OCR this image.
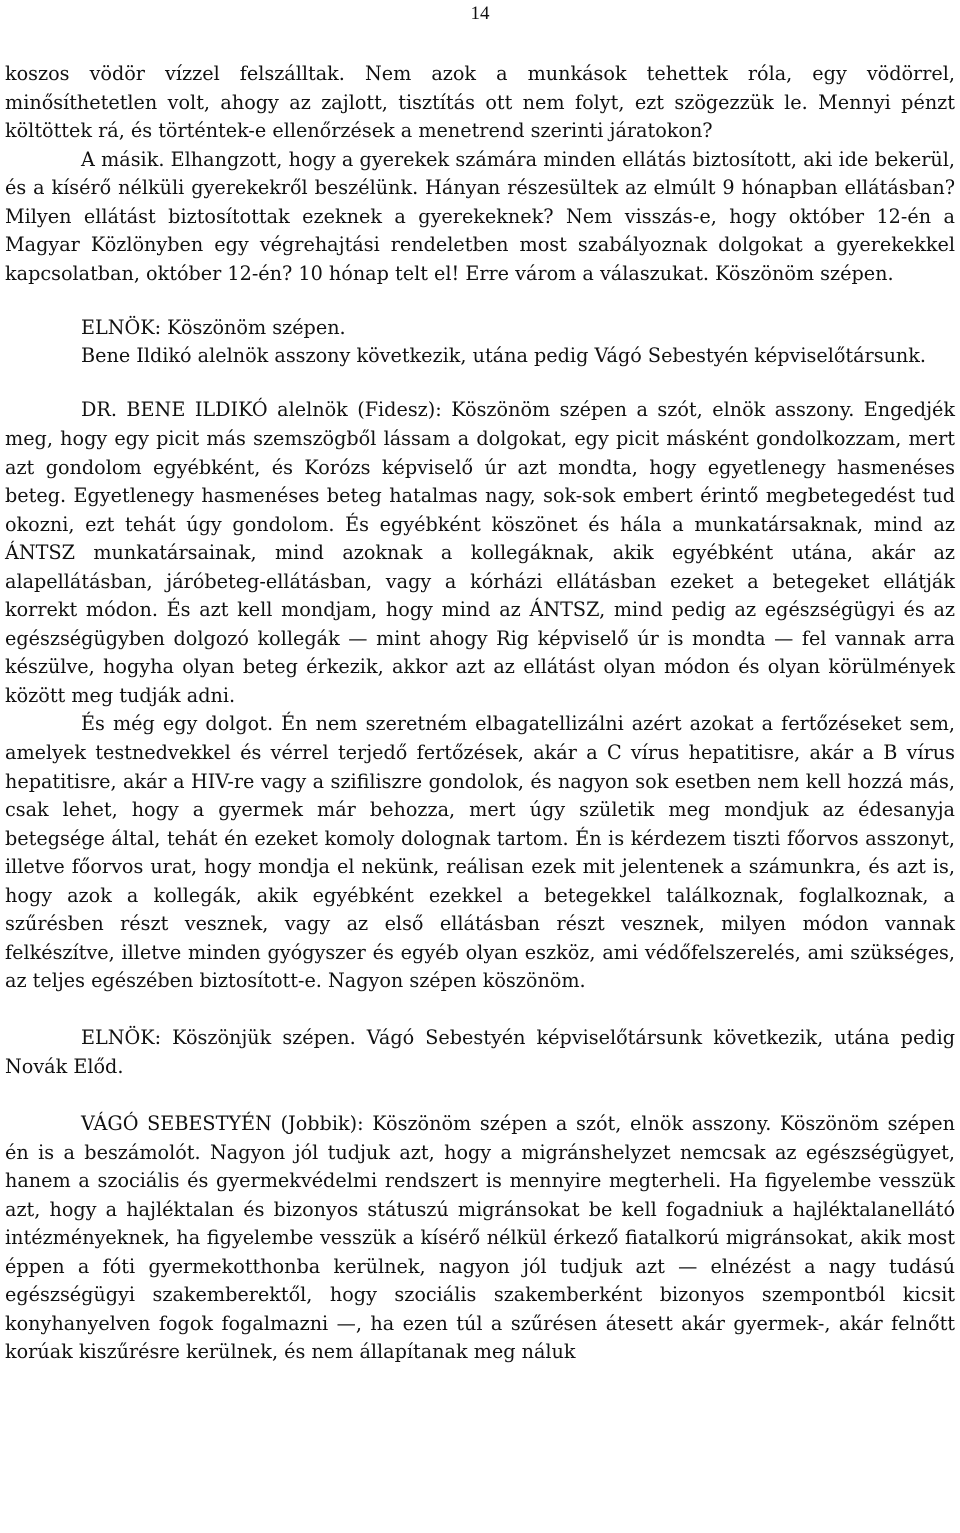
14

koszos vödör vízzel felszálltak. Nem azok a munkások tehettek róla, egy vödörrel, minősíthetetlen volt, ahogy az zajlott, tisztítás ott nem folyt, ezt szögezzük le. Mennyi pénzt költöttek rá, és történtek-e ellenőrzések a menetrend szerinti járatokon?

A másik. Elhangzott, hogy a gyerekek számára minden ellátás biztosított, aki ide bekerül, és a kísérő nélküli gyerekekről beszélünk. Hányan részesültek az elmúlt 9 hónapban ellátásban? Milyen ellátást biztosítottak ezeknek a gyerekeknek? Nem visszás-e, hogy október 12-én a Magyar Közlönyben egy végrehajtási rendeletben most szabályoznak dolgokat a gyerekekkel kapcsolatban, október 12-én? 10 hónap telt el! Erre várom a válaszukat. Köszönöm szépen.

ELNÖK: Köszönöm szépen.

Bene Ildikó alelnök asszony következik, utána pedig Vágó Sebestyén képviselőtársunk.

DR. BENE ILDIKÓ alelnök (Fidesz): Köszönöm szépen a szót, elnök asszony. Engedjék meg, hogy egy picit más szemszögből lássam a dolgokat, egy picit másként gondolkozzam, mert azt gondolom egyébként, és Korózs képviselő úr azt mondta, hogy egyetlenegy hasmenéses beteg. Egyetlenegy hasmenéses beteg hatalmas nagy, sok-sok embert érintő megbetegedést tud okozni, ezt tehát úgy gondolom. És egyébként köszönet és hála a munkatársaknak, mind az ÁNTSZ munkatársainak, mind azoknak a kollegáknak, akik egyébként utána, akár az alapellátásban, járóbeteg-ellátásban, vagy a kórházi ellátásban ezeket a betegeket ellátják korrekt módon. És azt kell mondjam, hogy mind az ÁNTSZ, mind pedig az egészségügyi és az egészségügyben dolgozó kollegák — mint ahogy Rig képviselő úr is mondta — fel vannak arra készülve, hogyha olyan beteg érkezik, akkor azt az ellátást olyan módon és olyan körülmények között meg tudják adni.

És még egy dolgot. Én nem szeretném elbagatellizálni azért azokat a fertőzéseket sem, amelyek testnedvekkel és vérrel terjedő fertőzések, akár a C vírus hepatitisre, akár a B vírus hepatitisre, akár a HIV-re vagy a szifiliszre gondolok, és nagyon sok esetben nem kell hozzá más, csak lehet, hogy a gyermek már behozza, mert úgy születik meg mondjuk az édesanyja betegsége által, tehát én ezeket komoly dolognak tartom. Én is kérdezem tiszti főorvos asszonyt, illetve főorvos urat, hogy mondja el nekünk, reálisan ezek mit jelentenek a számunkra, és azt is, hogy azok a kollegák, akik egyébként ezekkel a betegekkel találkoznak, foglalkoznak, a szűrésben részt vesznek, vagy az első ellátásban részt vesznek, milyen módon vannak felkészítve, illetve minden gyógyszer és egyéb olyan eszköz, ami védőfelszerelés, ami szükséges, az teljes egészében biztosított-e. Nagyon szépen köszönöm.

ELNÖK: Köszönjük szépen. Vágó Sebestyén képviselőtársunk következik, utána pedig Novák Előd.

VÁGÓ SEBESTYÉN (Jobbik): Köszönöm szépen a szót, elnök asszony. Köszönöm szépen én is a beszámolót. Nagyon jól tudjuk azt, hogy a migránshelyzet nemcsak az egészségügyet, hanem a szociális és gyermekvédelmi rendszert is mennyire megterheli. Ha figyelembe vesszük azt, hogy a hajléktalan és bizonyos státuszú migránsokat be kell fogadniuk a hajléktalanellátó intézményeknek, ha figyelembe vesszük a kísérő nélkül érkező fiatalkorú migránsokat, akik most éppen a fóti gyermekotthonba kerülnek, nagyon jól tudjuk azt — elnézést a nagy tudású egészségügyi szakemberektől, hogy szociális szakemberként bizonyos szempontból kicsit konyhanyelven fogok fogalmazni —, ha ezen túl a szűrésen átesett akár gyermek-, akár felnőtt korúak kiszűrésre kerülnek, és nem állapítanak meg náluk
